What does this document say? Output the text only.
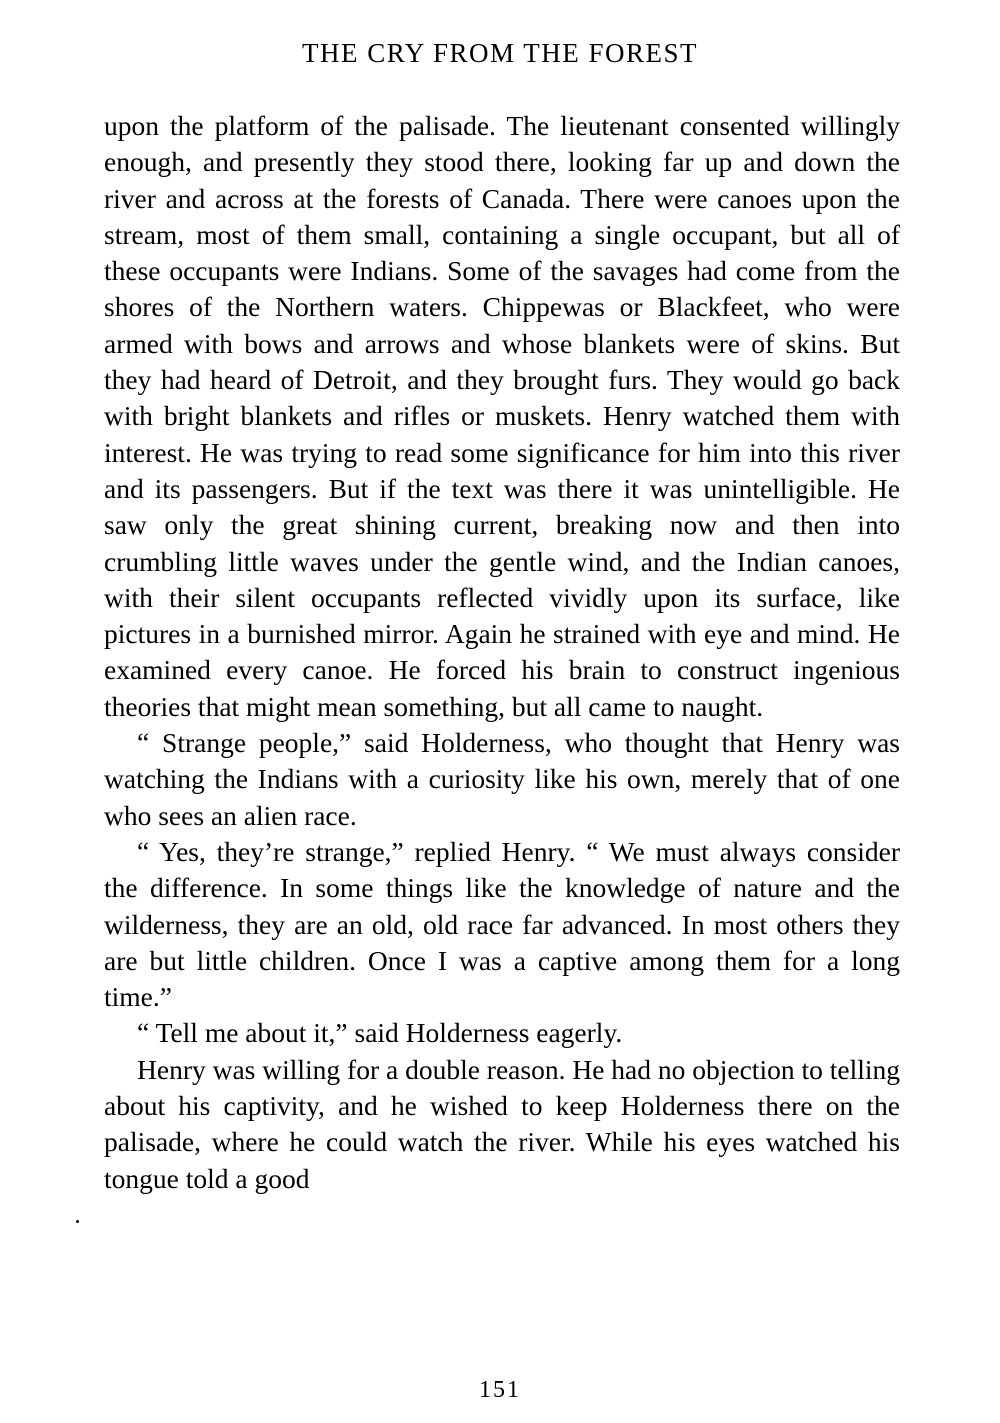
THE CRY FROM THE FOREST

upon the platform of the palisade. The lieutenant consented willingly enough, and presently they stood there, looking far up and down the river and across at the forests of Canada. There were canoes upon the stream, most of them small, containing a single occupant, but all of these occupants were Indians. Some of the savages had come from the shores of the Northern waters. Chippewas or Blackfeet, who were armed with bows and arrows and whose blankets were of skins. But they had heard of Detroit, and they brought furs. They would go back with bright blankets and rifles or muskets. Henry watched them with interest. He was trying to read some significance for him into this river and its passengers. But if the text was there it was unintelligible. He saw only the great shining current, breaking now and then into crumbling little waves under the gentle wind, and the Indian canoes, with their silent occupants reflected vividly upon its surface, like pictures in a burnished mirror. Again he strained with eye and mind. He examined every canoe. He forced his brain to construct ingenious theories that might mean something, but all came to naught.

“ Strange people,” said Holderness, who thought that Henry was watching the Indians with a curiosity like his own, merely that of one who sees an alien race.

“ Yes, they’re strange,” replied Henry. “ We must always consider the difference. In some things like the knowledge of nature and the wilderness, they are an old, old race far advanced. In most others they are but little children. Once I was a captive among them for a long time.”

“ Tell me about it,” said Holderness eagerly.

Henry was willing for a double reason. He had no objection to telling about his captivity, and he wished to keep Holderness there on the palisade, where he could watch the river. While his eyes watched his tongue told a good

151
